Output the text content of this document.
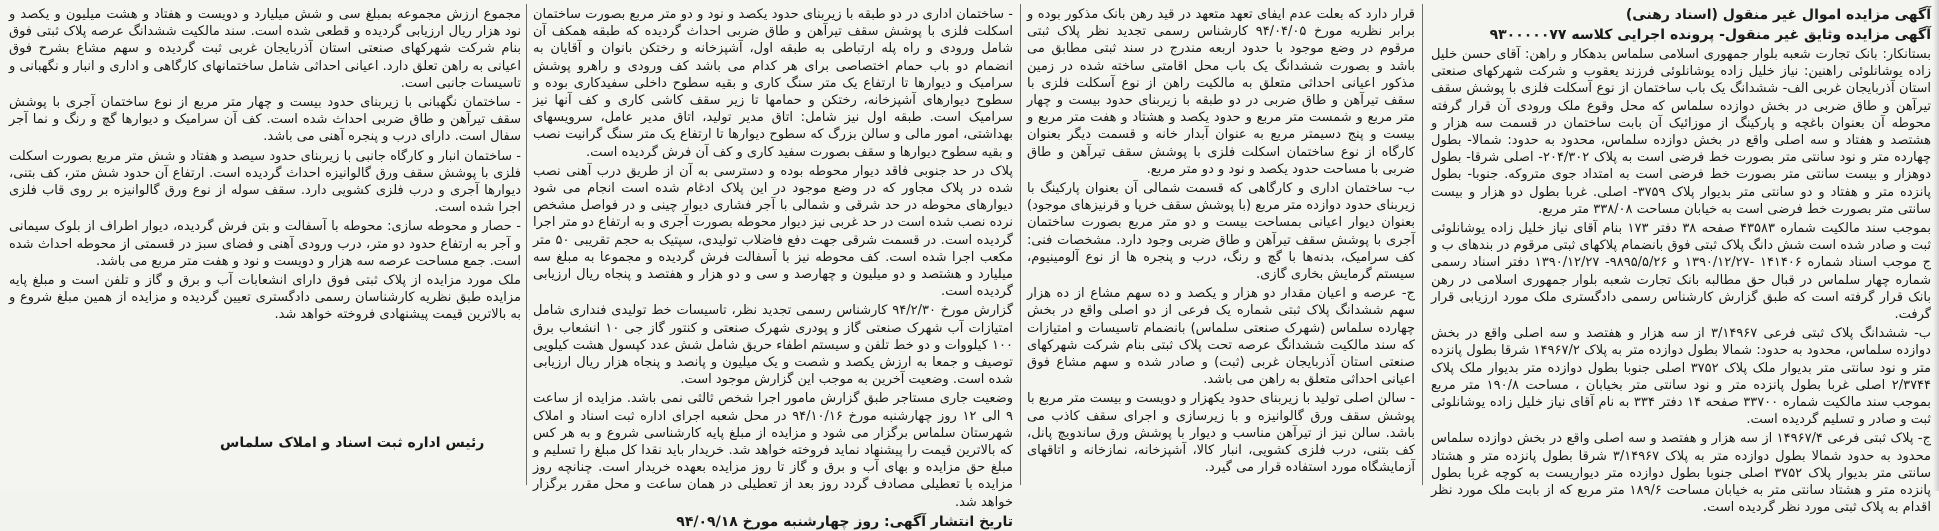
آگهی مزایده اموال غیر منقول (اسناد رهنی)

آگهی مزایده وثایق غیر منقول- پرونده اجرایی کلاسه ۹۳۰۰۰۰۰۷۷

بستانکار: بانک تجارت شعبه بلوار جمهوری اسلامی سلماس بدهکار و راهن: آقای حسن خلیل زاده یوشانلوئی راهنین: نیاز خلیل زاده یوشانلوئی فرزند یعقوب و شرکت شهرکهای صنعتی استان آذربایجان غربی الف- ششدانگ یک باب ساختمان از نوع آسکلت فلزی با پوشش سقف تیرآهن و طاق ضربی در بخش دوازده سلماس که محل وقوع ملک ورودی آن قرار گرفته محوطه آن بعنوان باغچه و پارکینگ از موزائیک آن بابت ساختمان در قسمت سه هزار و هشتصد و هفتاد و سه اصلی واقع در بخش دوازده سلماس، محدود به حدود: شمالا- بطول چهارده متر و نود سانتی متر بصورت خط فرضی است به پلاک ۲۰۴/۳۰۲- اصلی شرقا- بطول دوهزار و بیست سانتی متر بصورت خط فرضی است به امتداد جوی متروکه. جنوبا- بطول پانزده متر و هفتاد و دو سانتی متر بدیوار پلاک ۳۷۵۹- اصلی. غربا بطول دو هزار و بیست سانتی متر بصورت خط فرضی است به خیابان مساحت ۳۳۸/۰۸ متر مربع.

بموجب سند مالکیت شماره ۴۳۵۸۳ صفحه ۳۸ دفتر ۱۷۳ بنام آقای نیاز خلیل زاده یوشانلوئی ثبت و صادر شده است شش دانگ پلاک ثبتی فوق بانضمام پلاکهای ثبتی مرقوم در بندهای ب و ج موجب اسناد شماره ۱۴۱۴۰۶ -۱۳۹۰/۱۲/۲۷ و ۹۸۹۵/۵/۲۶- ۱۳۹۰/۱۲/۲۷ دفتر اسناد رسمی شماره چهار سلماس در قبال حق مطالبه بانک تجارت شعبه بلوار جمهوری اسلامی در رهن بانک قرار گرفته است که طبق گزارش کارشناس رسمی دادگستری ملک مورد ارزیابی قرار گرفت.

ب- ششدانگ پلاک ثبتی فرعی ۳/۱۴۹۶۷ از سه هزار و هفتصد و سه اصلی واقع در بخش دوازده سلماس، محدود به حدود: شمالا بطول دوازده متر به پلاک ۱۴۹۶۷/۲ شرقا بطول پانزده متر و نود سانتی متر بدیوار ملک پلاک ۳۷۵۲ اصلی جنوبا بطول دوازده متر بدیوار ملک پلاک ۲/۳۷۴۴ اصلی غربا بطول پانزده متر و نود سانتی متر بخیابان ، مساحت ۱۹۰/۸ متر مربع بموجب سند مالکیت شماره ۳۳۷۰۰ صفحه ۱۴ دفتر ۳۳۴ به نام آقای نیاز خلیل زاده یوشانلوئی ثبت و صادر و تسلیم گردیده است.

ج- پلاک ثبتی فرعی ۱۴۹۶۷/۴ از سه هزار و هفتصد و سه اصلی واقع در بخش دوازده سلماس محدود به حدود شمالا بطول دوازده متر به پلاک ۳/۱۴۹۶۷ شرقا بطول پانزده متر و هشتاد سانتی متر بدیوار پلاک ۳۷۵۲ اصلی جنوبا بطول دوازده متر دیواریست به کوچه غربا بطول پانزده متر و هشتاد سانتی متر به خیابان مساحت ۱۸۹/۶ متر مربع که از بابت ملک مورد نظر اقدام به پلاک ثبتی مورد نظر گردیده است.

قرار دارد که بعلت عدم ایفای تعهد متعهد در قید رهن بانک مذکور بوده و برابر نظریه مورخ ۹۴/۰۴/۰۵ کارشناس رسمی تجدید نظر پلاک ثبتی مرقوم در وضع موجود با حدود اربعه مندرج در سند ثبتی مطابق می باشد و بصورت ششدانگ یک باب محل اقامتی ساخته شده در زمین مذکور اعیانی احداثی متعلق به مالکیت راهن از نوع آسکلت فلزی با سقف تیرآهن و طاق ضربی در دو طبقه با زیربنای حدود بیست و چهار متر مربع و شمست متر مربع و حدود یکصد و هشتاد و هفت متر مربع و بیست و پنج دسیمتر مربع به عنوان آبدار خانه و قسمت دیگر بعنوان کارگاه از نوع ساختمان اسکلت فلزی با پوشش سقف تیرآهن و طاق ضربی با مساحت حدود یکصد و نود و دو متر مربع.

ب- ساختمان اداری و کارگاهی که قسمت شمالی آن بعنوان پارکینگ با زیربنای حدود دوازده متر مربع (با پوشش سقف خرپا و قرنیزهای موجود) بعنوان دیوار اعیانی بمساحت بیست و دو متر مربع بصورت ساختمان آجری با پوشش سقف تیرآهن و طاق ضربی وجود دارد. مشخصات فنی: کف سرامیک، بدنه‌ها با گچ و رنگ، درب و پنجره ها از نوع آلومینیوم، سیستم گرمایش بخاری گازی.

ج- عرصه و اعیان مقدار دو هزار و یکصد و ده سهم مشاع از ده هزار سهم ششدانگ پلاک ثبتی شماره یک فرعی از دو اصلی واقع در بخش چهارده سلماس (شهرک صنعتی سلماس) بانضمام تاسیسات و امتیازات که سند مالکیت ششدانگ عرصه تحت پلاک ثبتی بنام شرکت شهرکهای صنعتی استان آذربایجان غربی (ثبت) و صادر شده و سهم مشاع فوق اعیانی احداثی متعلق به راهن می باشد.

- سالن اصلی تولید با زیربنای حدود یکهزار و دویست و بیست متر مربع با پوشش سقف ورق گالوانیزه و با زیرسازی و اجرای سقف کاذب می باشد. سالن نیز از تیرآهن مناسب و دیوار با پوشش ورق ساندویچ پانل، کف بتنی، درب فلزی کشویی، انبار کالا، آشپزخانه، نمازخانه و اتاقهای آزمایشگاه مورد استفاده قرار می گیرد.

- ساختمان اداری در دو طبقه با زیربنای حدود یکصد و نود و دو متر مربع بصورت ساختمان اسکلت فلزی با پوشش سقف تیرآهن و طاق ضربی احداث گردیده که طبقه همکف آن شامل ورودی و راه پله ارتباطی به طبقه اول، آشپزخانه و رختکن بانوان و آقایان به انضمام دو باب حمام اختصاصی برای هر کدام می باشد کف ورودی و راهرو پوشش سرامیک و دیوارها تا ارتفاع یک متر سنگ کاری و بقیه سطوح داخلی سفیدکاری بوده و سطوح دیوارهای آشپزخانه، رختکن و حمامها تا زیر سقف کاشی کاری و کف آنها نیز سرامیک است. طبقه اول نیز شامل: اتاق مدیر تولید، اتاق مدیر عامل، سرویسهای بهداشتی، امور مالی و سالن بزرگ که سطوح دیوارها تا ارتفاع یک متر سنگ گرانیت نصب و بقیه سطوح دیوارها و سقف بصورت سفید کاری و کف آن فرش گردیده است.

پلاک در حد جنوبی فاقد دیوار محوطه بوده و دسترسی به آن از طریق درب آهنی نصب شده در پلاک مجاور که در وضع موجود در این پلاک ادغام شده است انجام می شود دیوارهای محوطه در حد شرقی و شمالی با آجر فشاری دیوار چینی و در فواصل مشخص نرده نصب شده است در حد غربی نیز دیوار محوطه بصورت آجری و به ارتفاع دو متر اجرا گردیده است. در قسمت شرقی جهت دفع فاضلاب تولیدی، سپتیک به حجم تقریبی ۵۰ متر مکعب اجرا شده است. کف محوطه نیز با آسفالت فرش گردیده و مجموعا به مبلغ سه میلیارد و هشتصد و دو میلیون و چهارصد و سی و دو هزار و هفتصد و پنجاه ریال ارزیابی گردیده است.

گزارش مورخ ۹۴/۲/۳۰ کارشناس رسمی تجدید نظر، تاسیسات خط تولیدی فنداری شامل امتیازات آب شهرک صنعتی گاز و پودری شهرک صنعتی و کنتور گاز جی ۱۰ انشعاب برق ۱۰۰ کیلووات و دو خط تلفن و سیستم اطفاء حریق شامل شش عدد کپسول هشت کیلویی توصیف و جمعا به ارزش یکصد و شصت و یک میلیون و پانصد و پنجاه هزار ریال ارزیابی شده است. وضعیت آخرین به موجب این گزارش موجود است.

وضعیت جاری مستاجر طبق گزارش مامور اجرا شخص ثالثی نمی باشد. مزایده از ساعت ۹ الی ۱۲ روز چهارشنبه مورخ ۹۴/۱۰/۱۶ در محل شعبه اجرای اداره ثبت اسناد و املاک شهرستان سلماس برگزار می شود و مزایده از مبلغ پایه کارشناسی شروع و به هر کس که بالاترین قیمت را پیشنهاد نماید فروخته خواهد شد. خریدار باید نقدا کل مبلغ را تسلیم و مبلغ حق مزایده و بهای آب و برق و گاز تا روز مزایده بعهده خریدار است. چنانچه روز مزایده با تعطیلی مصادف گردد روز بعد از تعطیلی در همان ساعت و محل مقرر برگزار خواهد شد.

تاریخ انتشار آگهی: روز چهارشنبه مورخ ۹۴/۰۹/۱۸

مجموع ارزش مجموعه بمبلغ سی و شش میلیارد و دویست و هفتاد و هشت میلیون و یکصد و نود هزار ریال ارزیابی گردیده و قطعی شده است. سند مالکیت ششدانگ عرصه پلاک ثبتی فوق بنام شرکت شهرکهای صنعتی استان آذربایجان غربی ثبت گردیده و سهم مشاع بشرح فوق اعیانی به راهن تعلق دارد. اعیانی احداثی شامل ساختمانهای کارگاهی و اداری و انبار و نگهبانی و تاسیسات جانبی است.

- ساختمان نگهبانی با زیربنای حدود بیست و چهار متر مربع از نوع ساختمان آجری با پوشش سقف تیرآهن و طاق ضربی احداث شده است. کف آن سرامیک و دیوارها گچ و رنگ و نما آجر سفال است. دارای درب و پنجره آهنی می باشد.

- ساختمان انبار و کارگاه جانبی با زیربنای حدود سیصد و هفتاد و شش متر مربع بصورت اسکلت فلزی با پوشش سقف ورق گالوانیزه احداث گردیده است. ارتفاع آن حدود شش متر، کف بتنی، دیوارها آجری و درب فلزی کشویی دارد. سقف سوله از نوع ورق گالوانیزه بر روی قاب فلزی اجرا شده است.

- حصار و محوطه سازی: محوطه با آسفالت و بتن فرش گردیده، دیوار اطراف از بلوک سیمانی و آجر به ارتفاع حدود دو متر، درب ورودی آهنی و فضای سبز در قسمتی از محوطه احداث شده است. جمع مساحت عرصه سه هزار و دویست و نود و هفت متر مربع می باشد.

ملک مورد مزایده از پلاک ثبتی فوق دارای انشعابات آب و برق و گاز و تلفن است و مبلغ پایه مزایده طبق نظریه کارشناسان رسمی دادگستری تعیین گردیده و مزایده از همین مبلغ شروع و به بالاترین قیمت پیشنهادی فروخته خواهد شد.

رئیس اداره ثبت اسناد و املاک سلماس
